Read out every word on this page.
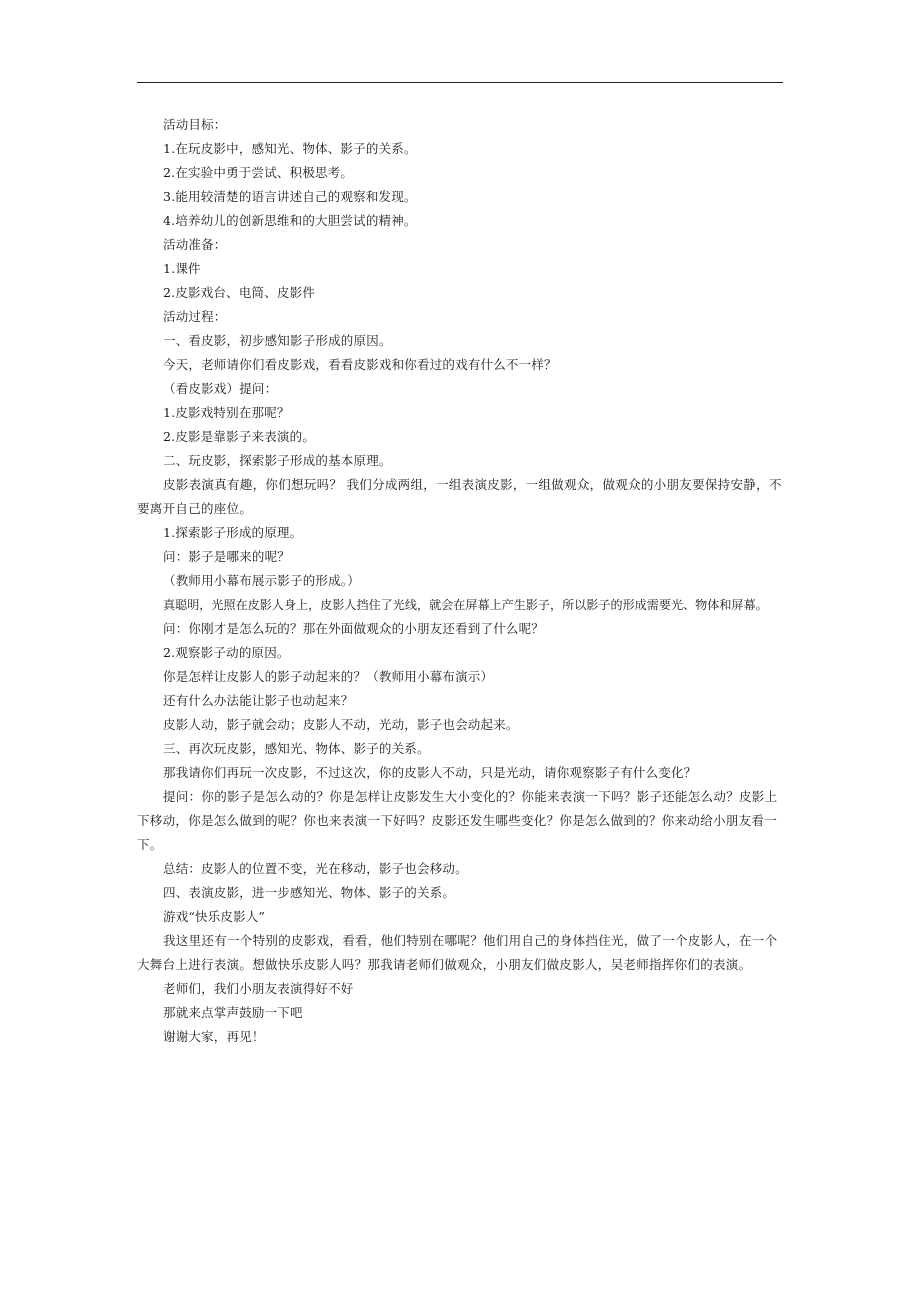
活动目标：
1.在玩皮影中，感知光、物体、影子的关系。
2.在实验中勇于尝试、积极思考。
3.能用较清楚的语言讲述自己的观察和发现。
4.培养幼儿的创新思维和的大胆尝试的精神。
活动准备：
1.课件
2.皮影戏台、电筒、皮影件
活动过程：
一、看皮影，初步感知影子形成的原因。
今天，老师请你们看皮影戏，看看皮影戏和你看过的戏有什么不一样？
（看皮影戏）提问：
1.皮影戏特别在那呢？
2.皮影是靠影子来表演的。
二、玩皮影，探索影子形成的基本原理。
皮影表演真有趣，你们想玩吗？ 我们分成两组，一组表演皮影，一组做观众，做观众的小朋友要保持安静，不要离开自己的座位。
1.探索影子形成的原理。
问：影子是哪来的呢？
（教师用小幕布展示影子的形成。）
真聪明，光照在皮影人身上，皮影人挡住了光线，就会在屏幕上产生影子，所以影子的形成需要光、物体和屏幕。
问：你刚才是怎么玩的？那在外面做观众的小朋友还看到了什么呢？
2.观察影子动的原因。
你是怎样让皮影人的影子动起来的？（教师用小幕布演示）
还有什么办法能让影子也动起来？
皮影人动，影子就会动；皮影人不动，光动，影子也会动起来。
三、再次玩皮影，感知光、物体、影子的关系。
那我请你们再玩一次皮影，不过这次，你的皮影人不动，只是光动，请你观察影子有什么变化？
提问：你的影子是怎么动的？你是怎样让皮影发生大小变化的？你能来表演一下吗？影子还能怎么动？皮影上下移动，你是怎么做到的呢？你也来表演一下好吗？皮影还发生哪些变化？你是怎么做到的？你来动给小朋友看一下。
总结：皮影人的位置不变，光在移动，影子也会移动。
四、表演皮影，进一步感知光、物体、影子的关系。
游戏“快乐皮影人”
我这里还有一个特别的皮影戏，看看，他们特别在哪呢？他们用自己的身体挡住光，做了一个皮影人，在一个大舞台上进行表演。想做快乐皮影人吗？那我请老师们做观众，小朋友们做皮影人，吴老师指挥你们的表演。
老师们，我们小朋友表演得好不好
那就来点掌声鼓励一下吧
谢谢大家，再见！
